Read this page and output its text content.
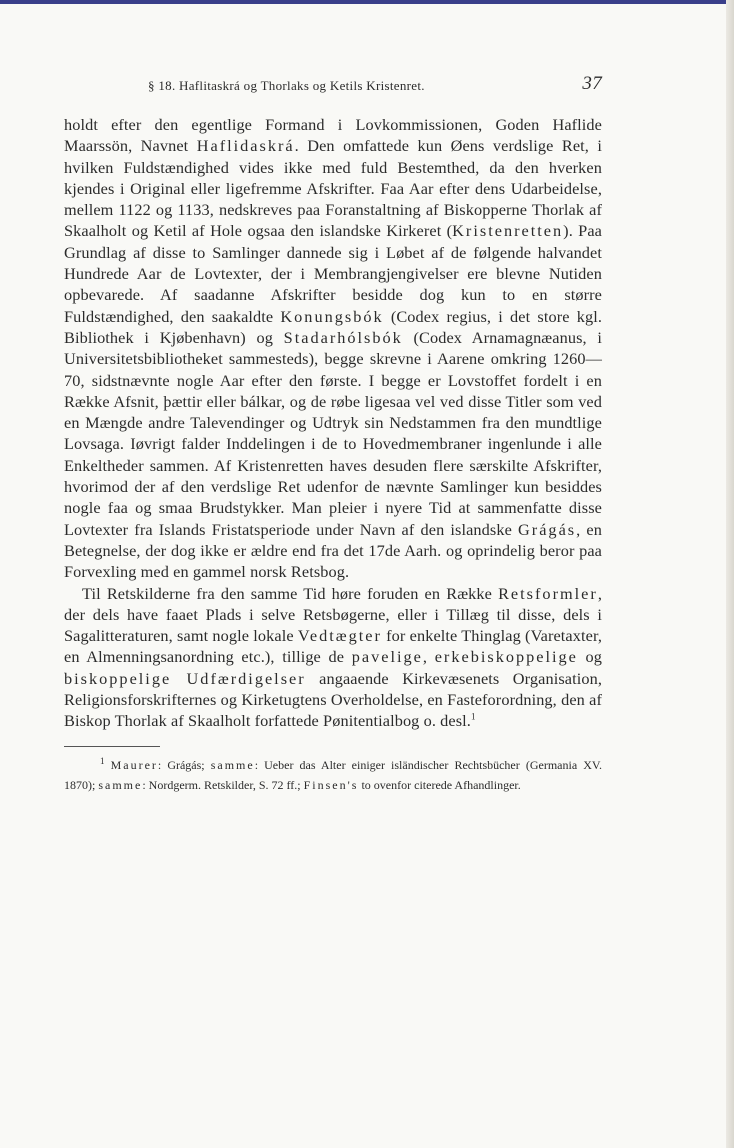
§ 18. Haflitaskrá og Thorlaks og Ketils Kristenret.	37

holdt efter den egentlige Formand i Lovkommissionen, Goden Haflide Maarssön, Navnet Haflidaskrá. Den omfattede kun Øens verdslige Ret, i hvilken Fuldstændighed vides ikke med fuld Bestemthed, da den hverken kjendes i Original eller ligefremme Afskrifter. Faa Aar efter dens Udarbeidelse, mellem 1122 og 1133, nedskreves paa Foranstaltning af Biskopperne Thorlak af Skaalholt og Ketil af Hole ogsaa den islandske Kirkeret (Kristenretten). Paa Grundlag af disse to Samlinger dannede sig i Løbet af de følgende halvandet Hundrede Aar de Lovtexter, der i Membrangjengivelser ere blevne Nutiden opbevarede. Af saadanne Afskrifter besidde dog kun to en større Fuldstændighed, den saakaldte Konungsbók (Codex regius, i det store kgl. Bibliothek i Kjøbenhavn) og Stadarhólsbók (Codex Arnamagnæanus, i Universitetsbibliotheket sammesteds), begge skrevne i Aarene omkring 1260—70, sidstnævnte nogle Aar efter den første. I begge er Lovstoffet fordelt i en Række Afsnit, þættir eller bálkar, og de røbe ligesaa vel ved disse Titler som ved en Mængde andre Talevendinger og Udtryk sin Nedstammen fra den mundtlige Lovsaga. Iøvrigt falder Inddelingen i de to Hovedmembraner ingenlunde i alle Enkeltheder sammen. Af Kristenretten haves desuden flere særskilte Afskrifter, hvorimod der af den verdslige Ret udenfor de nævnte Samlinger kun besiddes nogle faa og smaa Brudstykker. Man pleier i nyere Tid at sammenfatte disse Lovtexter fra Islands Fristatsperiode under Navn af den islandske Grágás, en Betegnelse, der dog ikke er ældre end fra det 17de Aarh. og oprindelig beror paa Forvexling med en gammel norsk Retsbog.

Til Retskilderne fra den samme Tid høre foruden en Række Retsformler, der dels have faaet Plads i selve Retsbøgerne, eller i Tillæg til disse, dels i Sagalitteraturen, samt nogle lokale Vedtægter for enkelte Thinglag (Varetaxter, en Almenningsanordning etc.), tillige de pavelige, erkebiskoppelige og biskoppelige Udfærdigelser angaaende Kirkevæsenets Organisation, Religionsforskrifternes og Kirketugtens Overholdelse, en Fasteforordning, den af Biskop Thorlak af Skaalholt forfattede Pønitentialbog o. desl.$^1$

$^1$ Maurer: Grágás; samme: Ueber das Alter einiger isländischer Rechtsbücher (Germania XV. 1870); samme: Nordgerm. Retskilder, S. 72 ff.; Finsen's to ovenfor citerede Afhandlinger.
